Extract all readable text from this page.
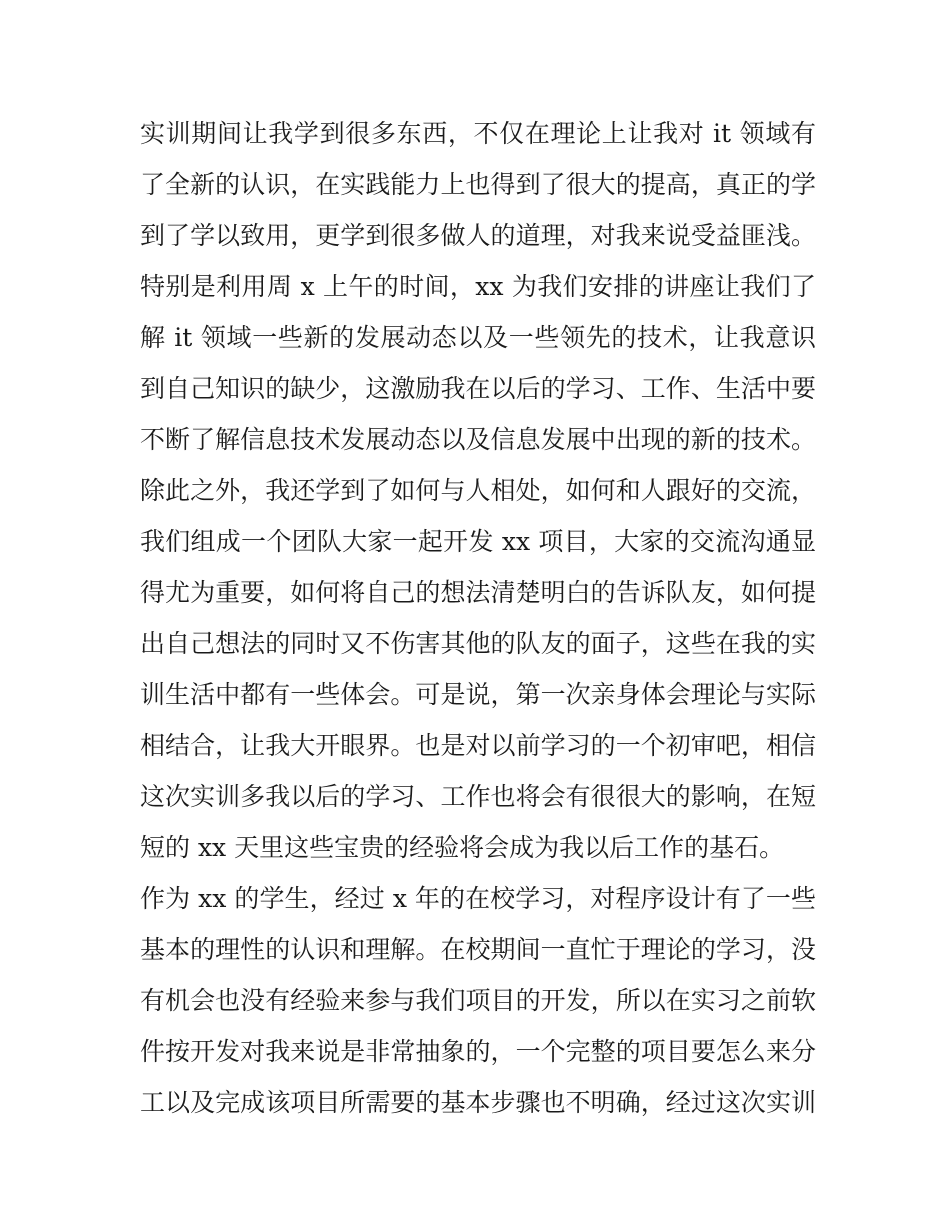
实训期间让我学到很多东西，不仅在理论上让我对 it 领域有
了全新的认识，在实践能力上也得到了很大的提高，真正的学
到了学以致用，更学到很多做人的道理，对我来说受益匪浅。
特别是利用周 x 上午的时间，xx 为我们安排的讲座让我们了
解 it 领域一些新的发展动态以及一些领先的技术，让我意识
到自己知识的缺少，这激励我在以后的学习、工作、生活中要
不断了解信息技术发展动态以及信息发展中出现的新的技术。
除此之外，我还学到了如何与人相处，如何和人跟好的交流，
我们组成一个团队大家一起开发 xx 项目，大家的交流沟通显
得尤为重要，如何将自己的想法清楚明白的告诉队友，如何提
出自己想法的同时又不伤害其他的队友的面子，这些在我的实
训生活中都有一些体会。可是说，第一次亲身体会理论与实际
相结合，让我大开眼界。也是对以前学习的一个初审吧，相信
这次实训多我以后的学习、工作也将会有很很大的影响，在短
短的 xx 天里这些宝贵的经验将会成为我以后工作的基石。
作为 xx 的学生，经过 x 年的在校学习，对程序设计有了一些
基本的理性的认识和理解。在校期间一直忙于理论的学习，没
有机会也没有经验来参与我们项目的开发，所以在实习之前软
件按开发对我来说是非常抽象的，一个完整的项目要怎么来分
工以及完成该项目所需要的基本步骤也不明确，经过这次实训
